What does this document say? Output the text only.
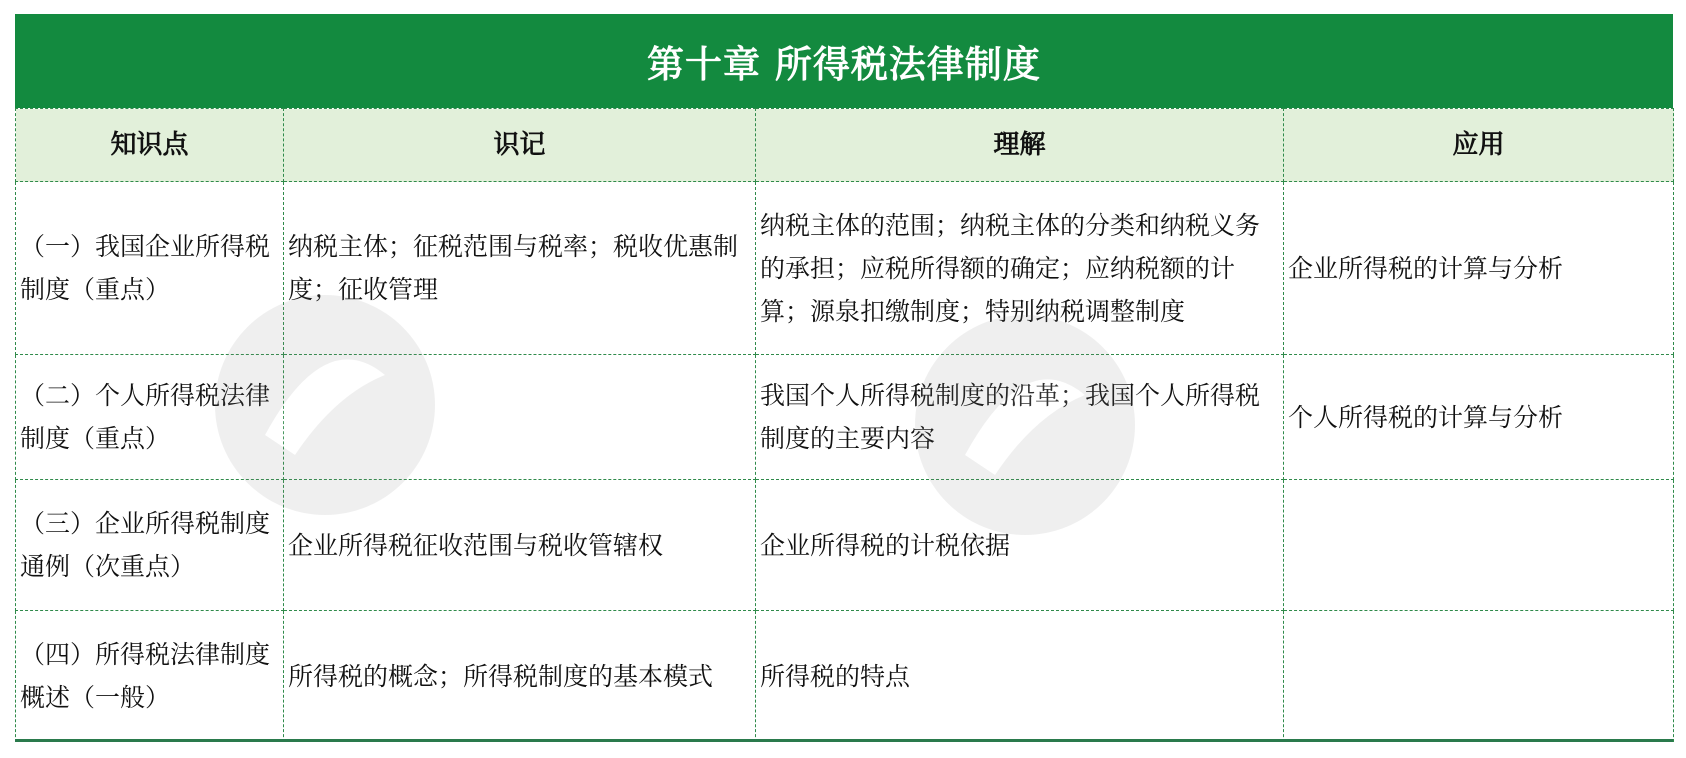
第十章 所得税法律制度
知识点	识记	理解	应用
（一）我国企业所得税制度（重点）	纳税主体；征税范围与税率；税收优惠制度；征收管理	纳税主体的范围；纳税主体的分类和纳税义务的承担；应税所得额的确定；应纳税额的计算；源泉扣缴制度；特别纳税调整制度	企业所得税的计算与分析
（二）个人所得税法律制度（重点）		我国个人所得税制度的沿革；我国个人所得税制度的主要内容	个人所得税的计算与分析
（三）企业所得税制度通例（次重点）	企业所得税征收范围与税收管辖权	企业所得税的计税依据	
（四）所得税法律制度概述（一般）	所得税的概念；所得税制度的基本模式	所得税的特点	
